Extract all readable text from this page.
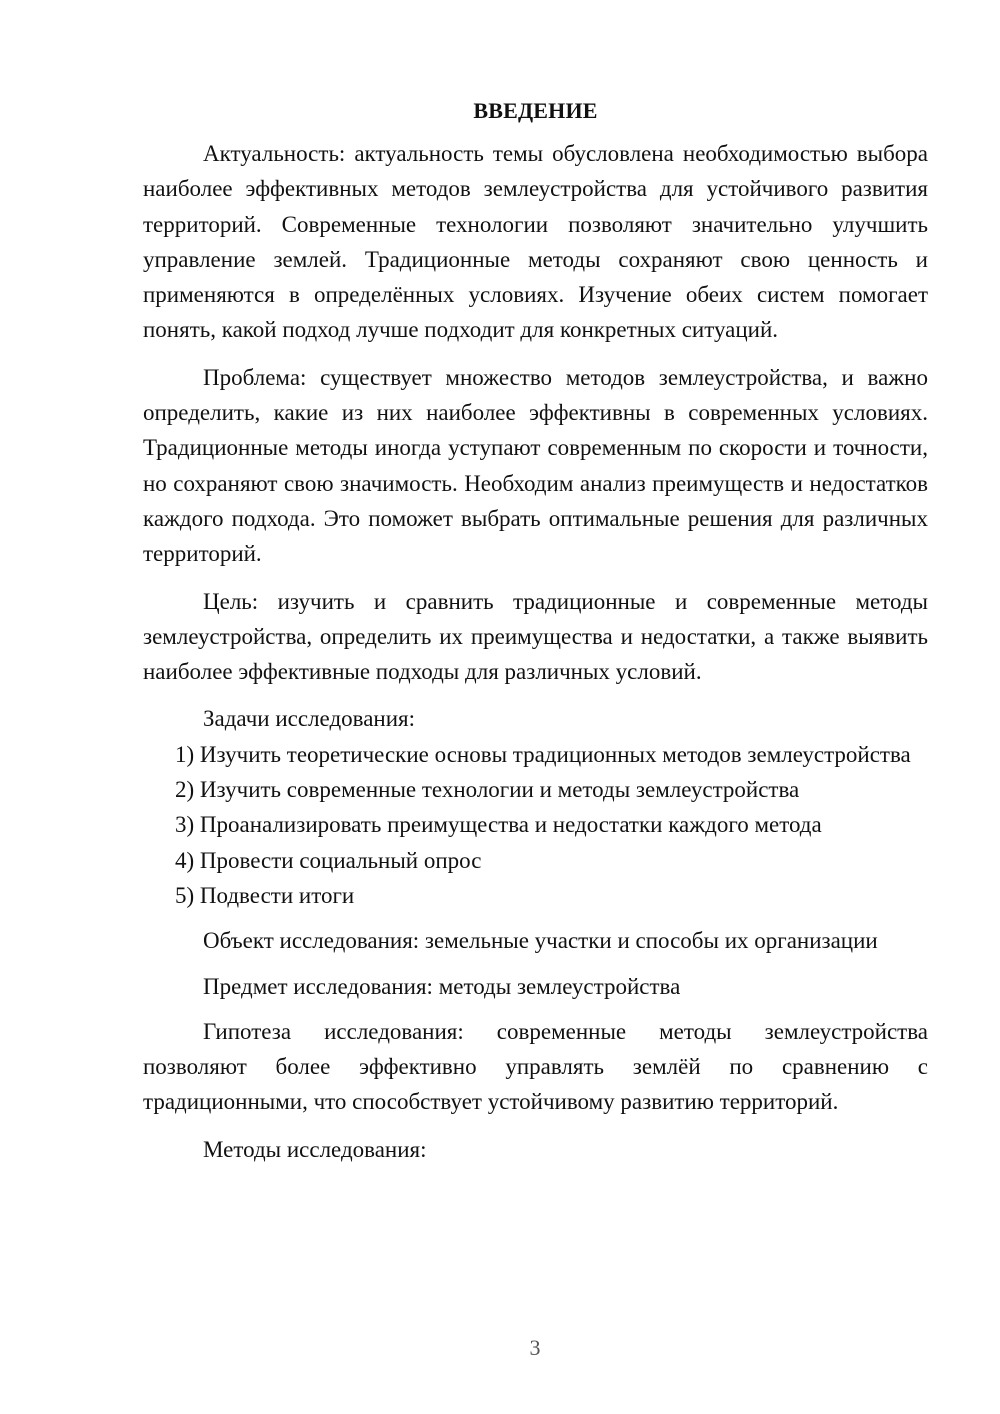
ВВЕДЕНИЕ

Актуальность: актуальность темы обусловлена необходимостью выбора наиболее эффективных методов землеустройства для устойчивого развития территорий. Современные технологии позволяют значительно улучшить управление землей. Традиционные методы сохраняют свою ценность и применяются в определённых условиях. Изучение обеих систем помогает понять, какой подход лучше подходит для конкретных ситуаций.

Проблема: существует множество методов землеустройства, и важно определить, какие из них наиболее эффективны в современных условиях. Традиционные методы иногда уступают современным по скорости и точности, но сохраняют свою значимость. Необходим анализ преимуществ и недостатков каждого подхода. Это поможет выбрать оптимальные решения для различных территорий.

Цель: изучить и сравнить традиционные и современные методы землеустройства, определить их преимущества и недостатки, а также выявить наиболее эффективные подходы для различных условий.

Задачи исследования:

1) Изучить теоретические основы традиционных методов землеустройства
2) Изучить современные технологии и методы землеустройства
3) Проанализировать преимущества и недостатки каждого метода
4) Провести социальный опрос
5) Подвести итоги

Объект исследования: земельные участки и способы их организации

Предмет исследования: методы землеустройства

Гипотеза исследования: современные методы землеустройства позволяют более эффективно управлять землёй по сравнению с традиционными, что способствует устойчивому развитию территорий.

Методы исследования:

3
